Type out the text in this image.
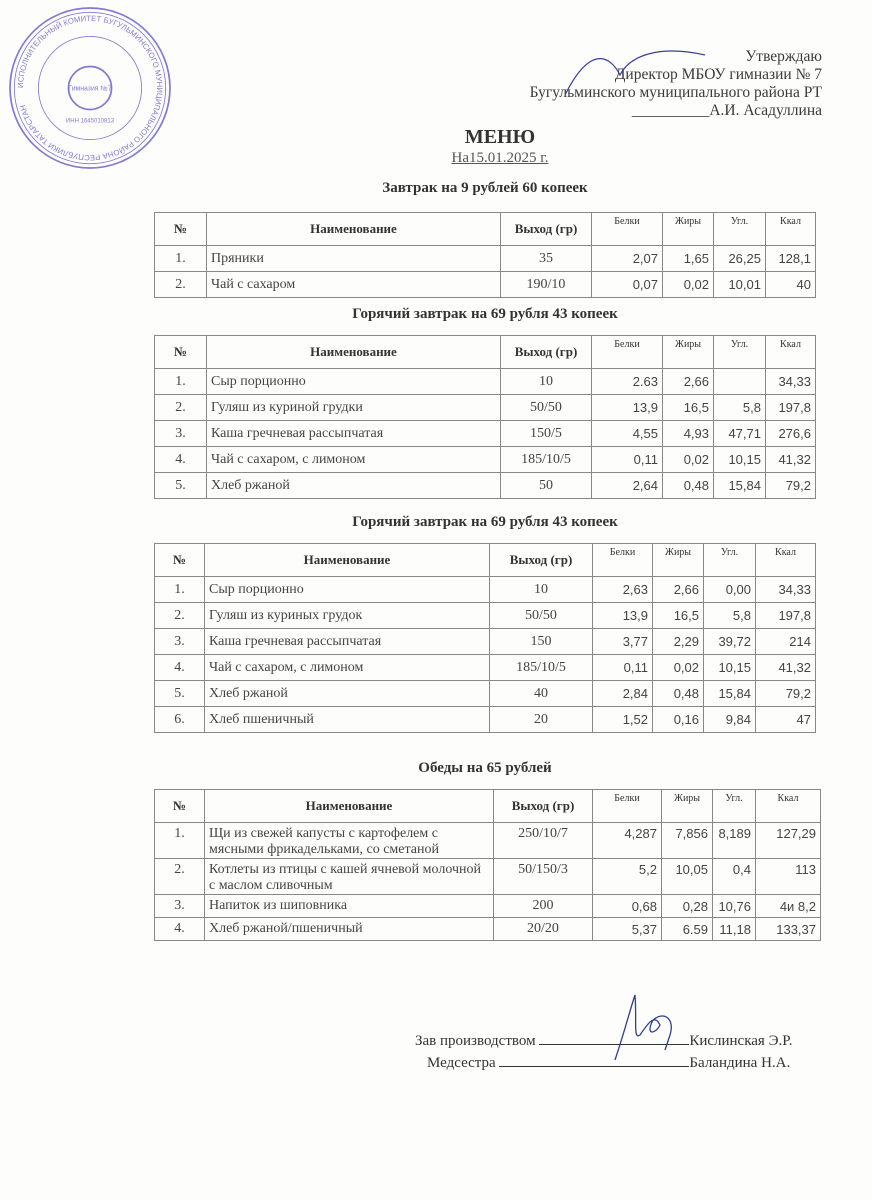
Утверждаю
Директор МБОУ гимназии № 7
Бугульминского муниципального района РТ
__________А.И. Асадуллина
ИСПОЛНИТЕЛЬНЫЙ КОМИТЕТ БУГУЛЬМИНСКОГО МУНИЦИПАЛЬНОГО РАЙОНА РЕСПУБЛИКИ ТАТАРСТАН
Гимназия №7
ИНН 1645010813
МЕНЮ
На15.01.2025 г.
Завтрак на 9 рублей 60 копеек
№	Наименование	Выход (гр)	Белки	Жиры	Угл.	Ккал
1.	Пряники	35	2,07	1,65	26,25	128,1
2.	Чай с сахаром	190/10	0,07	0,02	10,01	40
Горячий завтрак на 69 рубля 43 копеек
№	Наименование	Выход (гр)	Белки	Жиры	Угл.	Ккал
1.	Сыр порционно	10	2.63	2,66		34,33
2.	Гуляш из куриной грудки	50/50	13,9	16,5	5,8	197,8
3.	Каша гречневая рассыпчатая	150/5	4,55	4,93	47,71	276,6
4.	Чай с сахаром, с лимоном	185/10/5	0,11	0,02	10,15	41,32
5.	Хлеб ржаной	50	2,64	0,48	15,84	79,2
Горячий завтрак на 69 рубля 43 копеек
№	Наименование	Выход (гр)	Белки	Жиры	Угл.	Ккал
1.	Сыр порционно	10	2,63	2,66	0,00	34,33
2.	Гуляш из куриных грудок	50/50	13,9	16,5	5,8	197,8
3.	Каша гречневая рассыпчатая	150	3,77	2,29	39,72	214
4.	Чай с сахаром, с лимоном	185/10/5	0,11	0,02	10,15	41,32
5.	Хлеб ржаной	40	2,84	0,48	15,84	79,2
6.	Хлеб пшеничный	20	1,52	0,16	9,84	47
Обеды на 65 рублей
№	Наименование	Выход (гр)	Белки	Жиры	Угл.	Ккал
1.	Щи из свежей капусты с картофелем с мясными фрикадельками, со сметаной	250/10/7	4,287	7,856	8,189	127,29
2.	Котлеты из птицы с кашей ячневой молочной с маслом сливочным	50/150/3	5,2	10,05	0,4	113
3.	Напиток из шиповника	200	0,68	0,28	10,76	4и 8,2
4.	Хлеб ржаной/пшеничный	20/20	5,37	6.59	11,18	133,37
Зав производством	Кислинская Э.Р.
Медсестра	Баландина Н.А.
